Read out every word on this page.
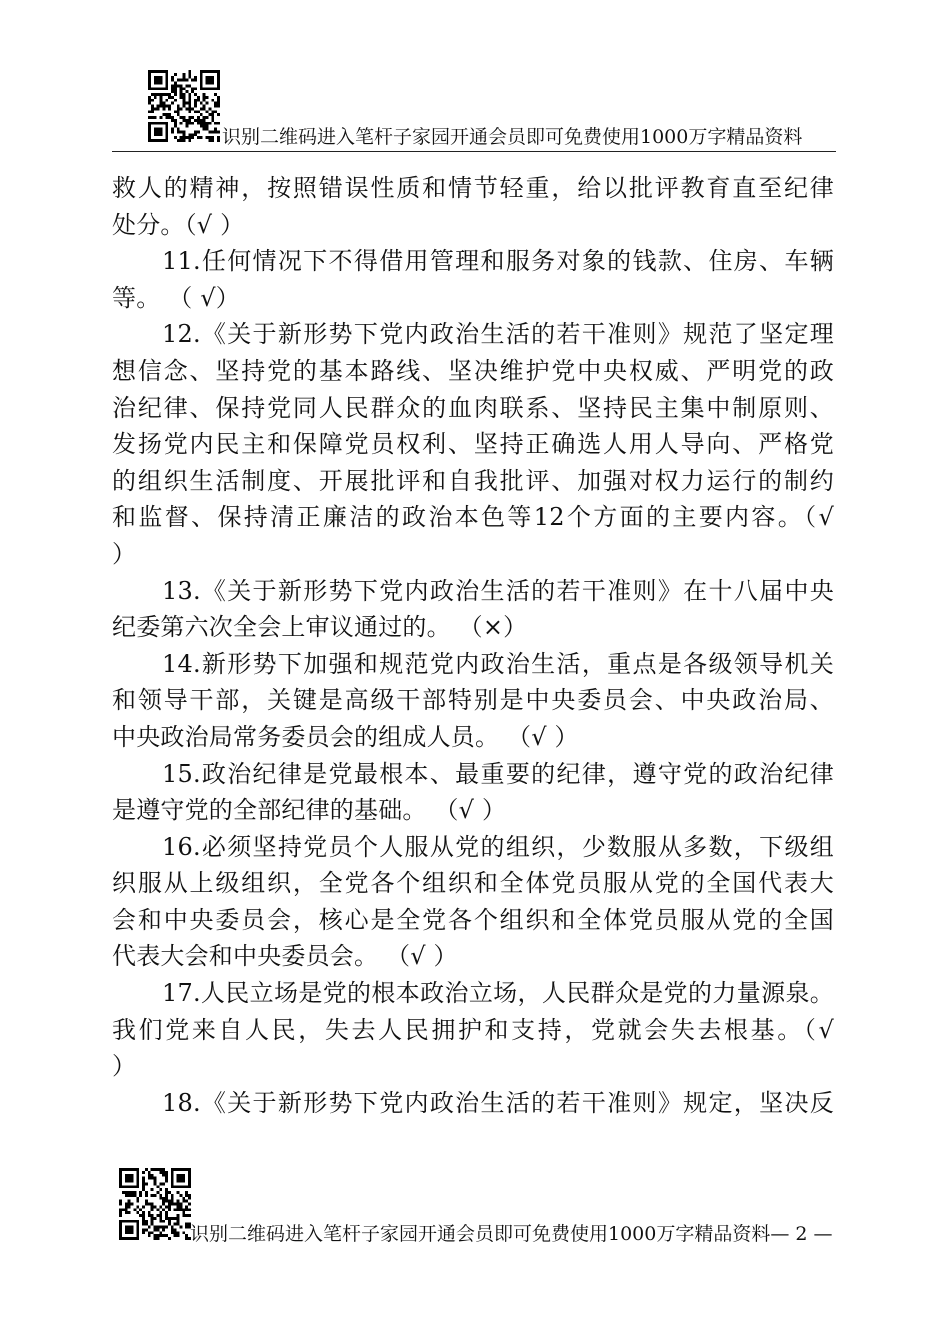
识别二维码进入笔杆子家园开通会员即可免费使用1000万字精品资料
救人的精神，按照错误性质和情节轻重，给以批评教育直至纪律
处分。（√ ）
11.任何情况下不得借用管理和服务对象的钱款、住房、车辆
等。 （ √）
12.《关于新形势下党内政治生活的若干准则》规范了坚定理
想信念、坚持党的基本路线、坚决维护党中央权威、严明党的政
治纪律、保持党同人民群众的血肉联系、坚持民主集中制原则、
发扬党内民主和保障党员权利、坚持正确选人用人导向、严格党
的组织生活制度、开展批评和自我批评、加强对权力运行的制约
和监督、保持清正廉洁的政治本色等12个方面的主要内容。（√
）
13.《关于新形势下党内政治生活的若干准则》在十八届中央
纪委第六次全会上审议通过的。 （×）
14.新形势下加强和规范党内政治生活，重点是各级领导机关
和领导干部，关键是高级干部特别是中央委员会、中央政治局、
中央政治局常务委员会的组成人员。 （√ ）
15.政治纪律是党最根本、最重要的纪律，遵守党的政治纪律
是遵守党的全部纪律的基础。 （√ ）
16.必须坚持党员个人服从党的组织，少数服从多数，下级组
织服从上级组织，全党各个组织和全体党员服从党的全国代表大
会和中央委员会，核心是全党各个组织和全体党员服从党的全国
代表大会和中央委员会。 （√ ）
17.人民立场是党的根本政治立场，人民群众是党的力量源泉。
我们党来自人民，失去人民拥护和支持，党就会失去根基。（√
）
18.《关于新形势下党内政治生活的若干准则》规定，坚决反
识别二维码进入笔杆子家园开通会员即可免费使用1000万字精品资料— 2 —
